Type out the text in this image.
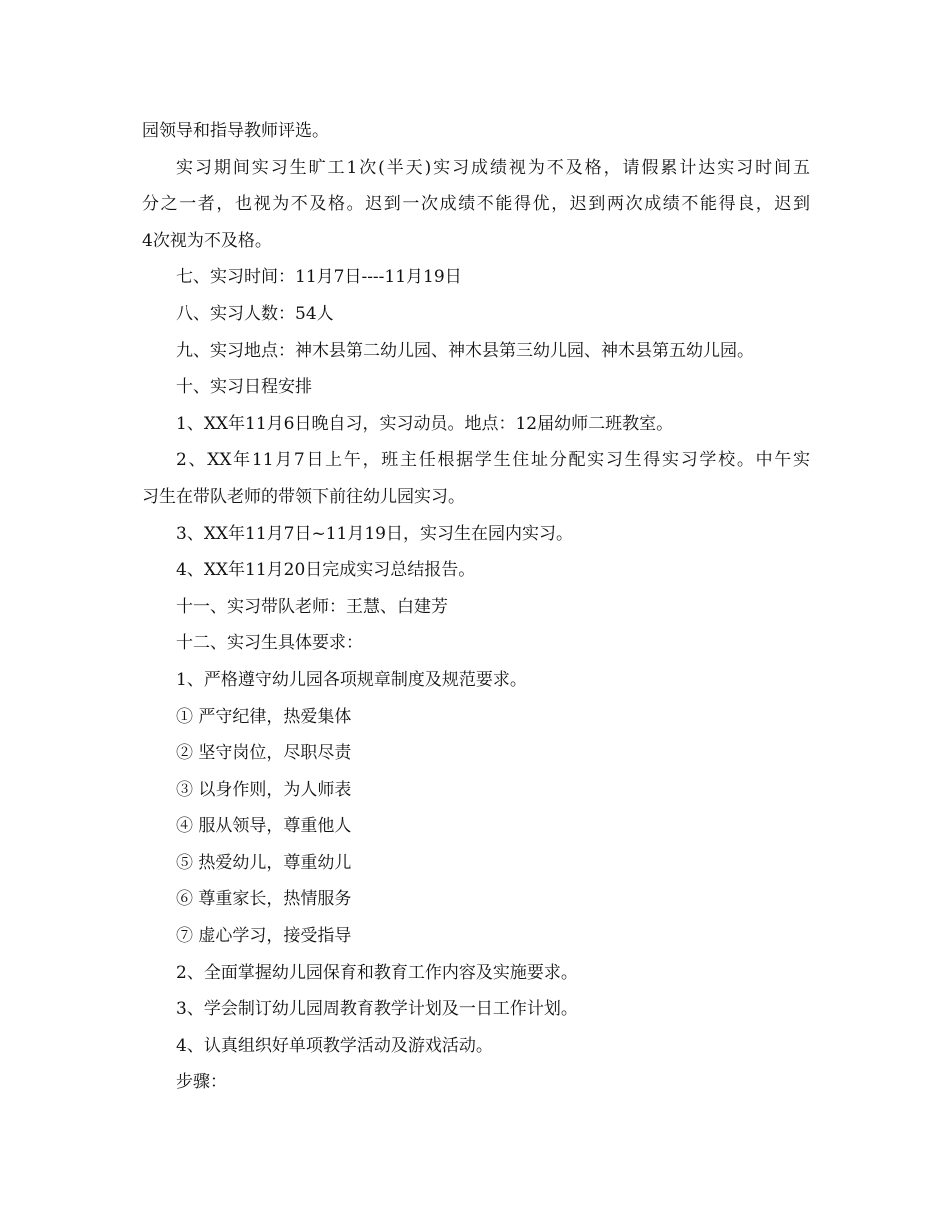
园领导和指导教师评选。
实习期间实习生旷工1次(半天)实习成绩视为不及格，请假累计达实习时间五
分之一者，也视为不及格。迟到一次成绩不能得优，迟到两次成绩不能得良，迟到
4次视为不及格。
七、实习时间：11月7日----11月19日
八、实习人数：54人
九、实习地点：神木县第二幼儿园、神木县第三幼儿园、神木县第五幼儿园。
十、实习日程安排
1、XX年11月6日晚自习，实习动员。地点：12届幼师二班教室。
2、XX年11月7日上午，班主任根据学生住址分配实习生得实习学校。中午实
习生在带队老师的带领下前往幼儿园实习。
3、XX年11月7日~11月19日，实习生在园内实习。
4、XX年11月20日完成实习总结报告。
十一、实习带队老师：王慧、白建芳
十二、实习生具体要求：
1、严格遵守幼儿园各项规章制度及规范要求。
① 严守纪律，热爱集体
② 坚守岗位，尽职尽责
③ 以身作则，为人师表
④ 服从领导，尊重他人
⑤ 热爱幼儿，尊重幼儿
⑥ 尊重家长，热情服务
⑦ 虚心学习，接受指导
2、全面掌握幼儿园保育和教育工作内容及实施要求。
3、学会制订幼儿园周教育教学计划及一日工作计划。
4、认真组织好单项教学活动及游戏活动。
步骤：
